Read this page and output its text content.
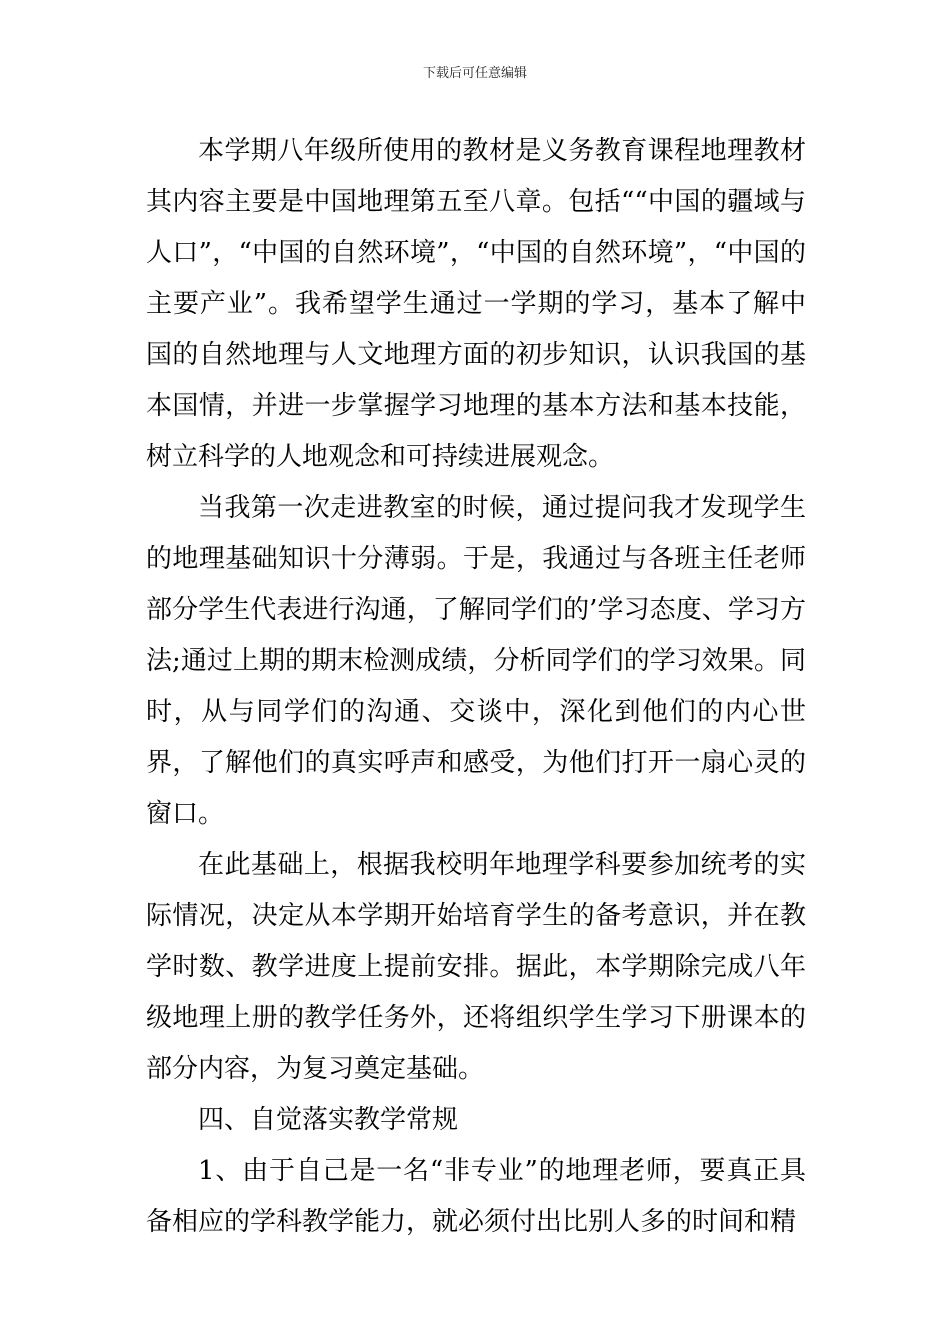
下载后可任意编辑

本学期八年级所使用的教材是义务教育课程地理教材其内容主要是中国地理第五至八章。包括““中国的疆域与人口”，“中国的自然环境”，“中国的自然环境”，“中国的主要产业”。我希望学生通过一学期的学习，基本了解中国的自然地理与人文地理方面的初步知识，认识我国的基本国情，并进一步掌握学习地理的基本方法和基本技能，树立科学的人地观念和可持续进展观念。

当我第一次走进教室的时候，通过提问我才发现学生的地理基础知识十分薄弱。于是，我通过与各班主任老师部分学生代表进行沟通，了解同学们的’学习态度、学习方法;通过上期的期末检测成绩，分析同学们的学习效果。同时，从与同学们的沟通、交谈中，深化到他们的内心世界，了解他们的真实呼声和感受，为他们打开一扇心灵的窗口。

在此基础上，根据我校明年地理学科要参加统考的实际情况，决定从本学期开始培育学生的备考意识，并在教学时数、教学进度上提前安排。据此，本学期除完成八年级地理上册的教学任务外，还将组织学生学习下册课本的部分内容，为复习奠定基础。

四、自觉落实教学常规

1、由于自己是一名“非专业”的地理老师，要真正具备相应的学科教学能力，就必须付出比别人多的时间和精
